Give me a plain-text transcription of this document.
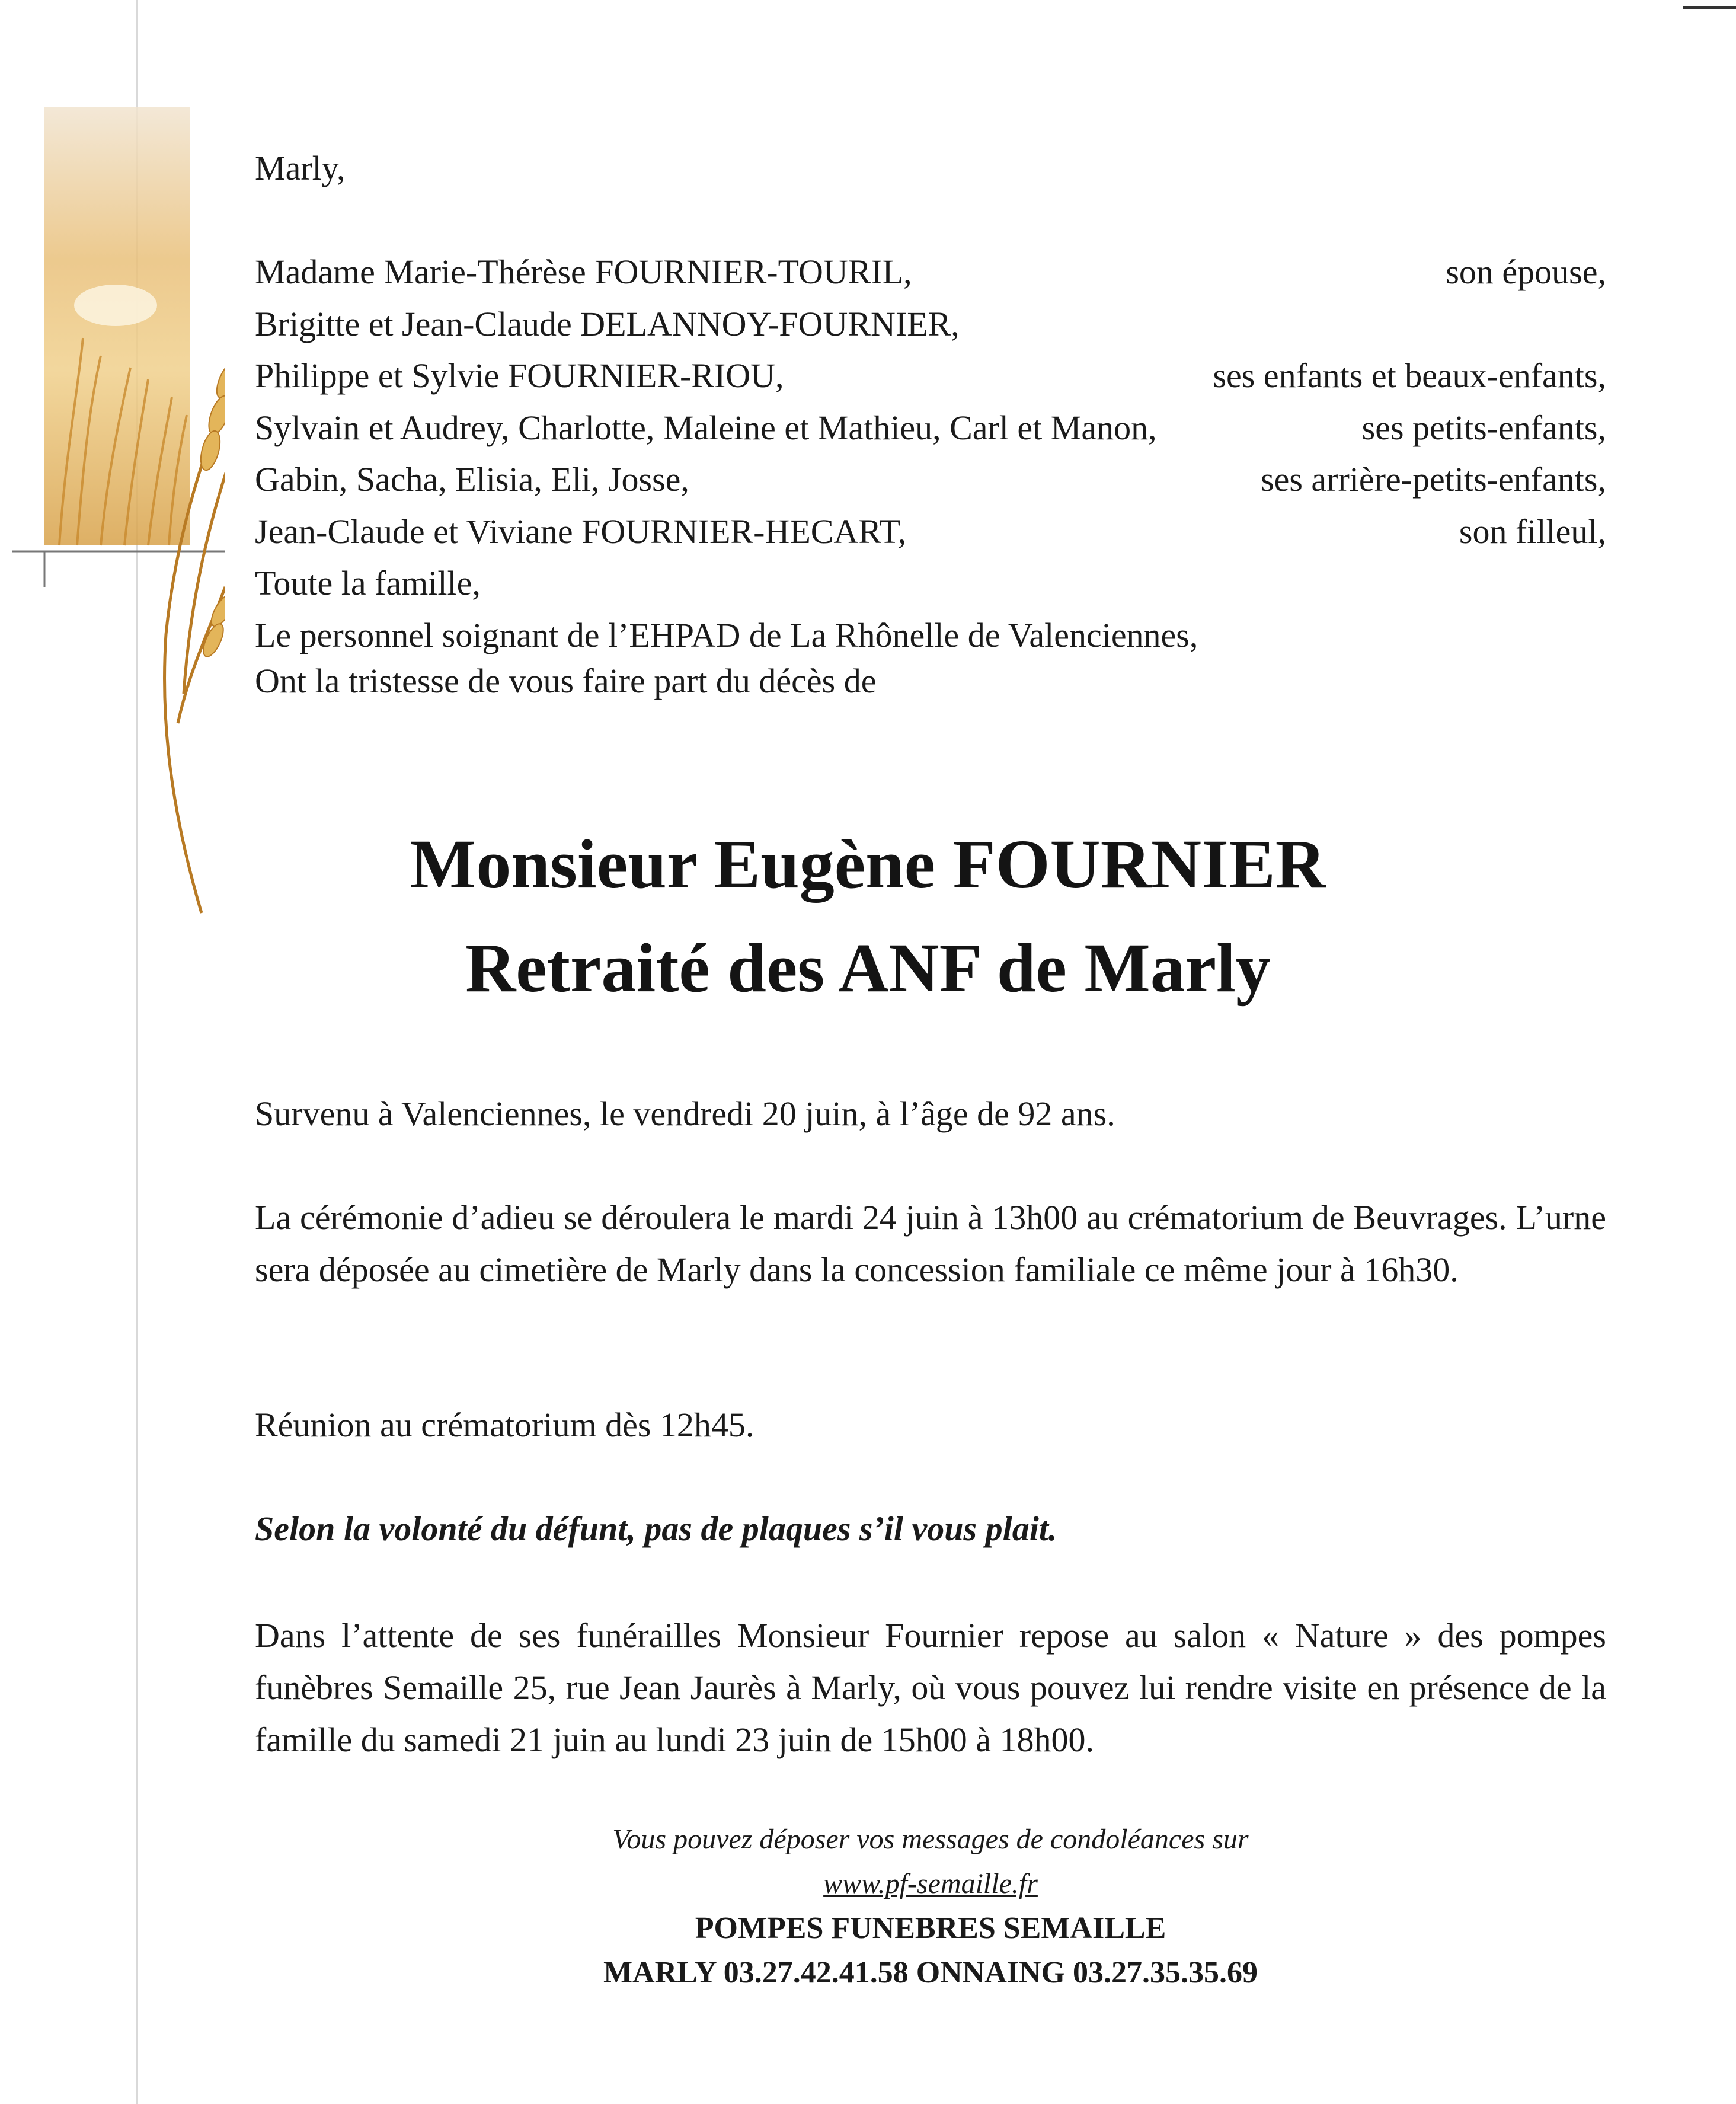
Marly,
Madame Marie-Thérèse FOURNIER-TOURIL,	son épouse,
Brigitte et Jean-Claude DELANNOY-FOURNIER,
Philippe et Sylvie FOURNIER-RIOU,	ses enfants et beaux-enfants,
Sylvain et Audrey, Charlotte, Maleine et Mathieu, Carl et Manon,	ses petits-enfants,
Gabin, Sacha, Elisia, Eli, Josse,	ses arrière-petits-enfants,
Jean-Claude et Viviane FOURNIER-HECART,	son filleul,
Toute la famille,
Le personnel soignant de l’EHPAD de La Rhônelle de Valenciennes,
Ont la tristesse de vous faire part du décès de
Monsieur Eugène FOURNIER
Retraité des ANF de Marly
Survenu à Valenciennes, le vendredi 20 juin, à l’âge de 92 ans.
La cérémonie d’adieu se déroulera le mardi 24 juin à 13h00 au crématorium de Beuvrages. L’urne sera déposée au cimetière de Marly dans la concession familiale ce même jour à 16h30.
Réunion au crématorium dès 12h45.
Selon la volonté du défunt, pas de plaques s’il vous plait.
Dans l’attente de ses funérailles Monsieur Fournier repose au salon « Nature » des pompes funèbres Semaille 25, rue Jean Jaurès à Marly, où vous pouvez lui rendre visite en présence de la famille du samedi 21 juin au lundi 23 juin de 15h00 à 18h00.
Vous pouvez déposer vos messages de condoléances sur
www.pf-semaille.fr
POMPES FUNEBRES SEMAILLE
MARLY 03.27.42.41.58 ONNAING 03.27.35.35.69
